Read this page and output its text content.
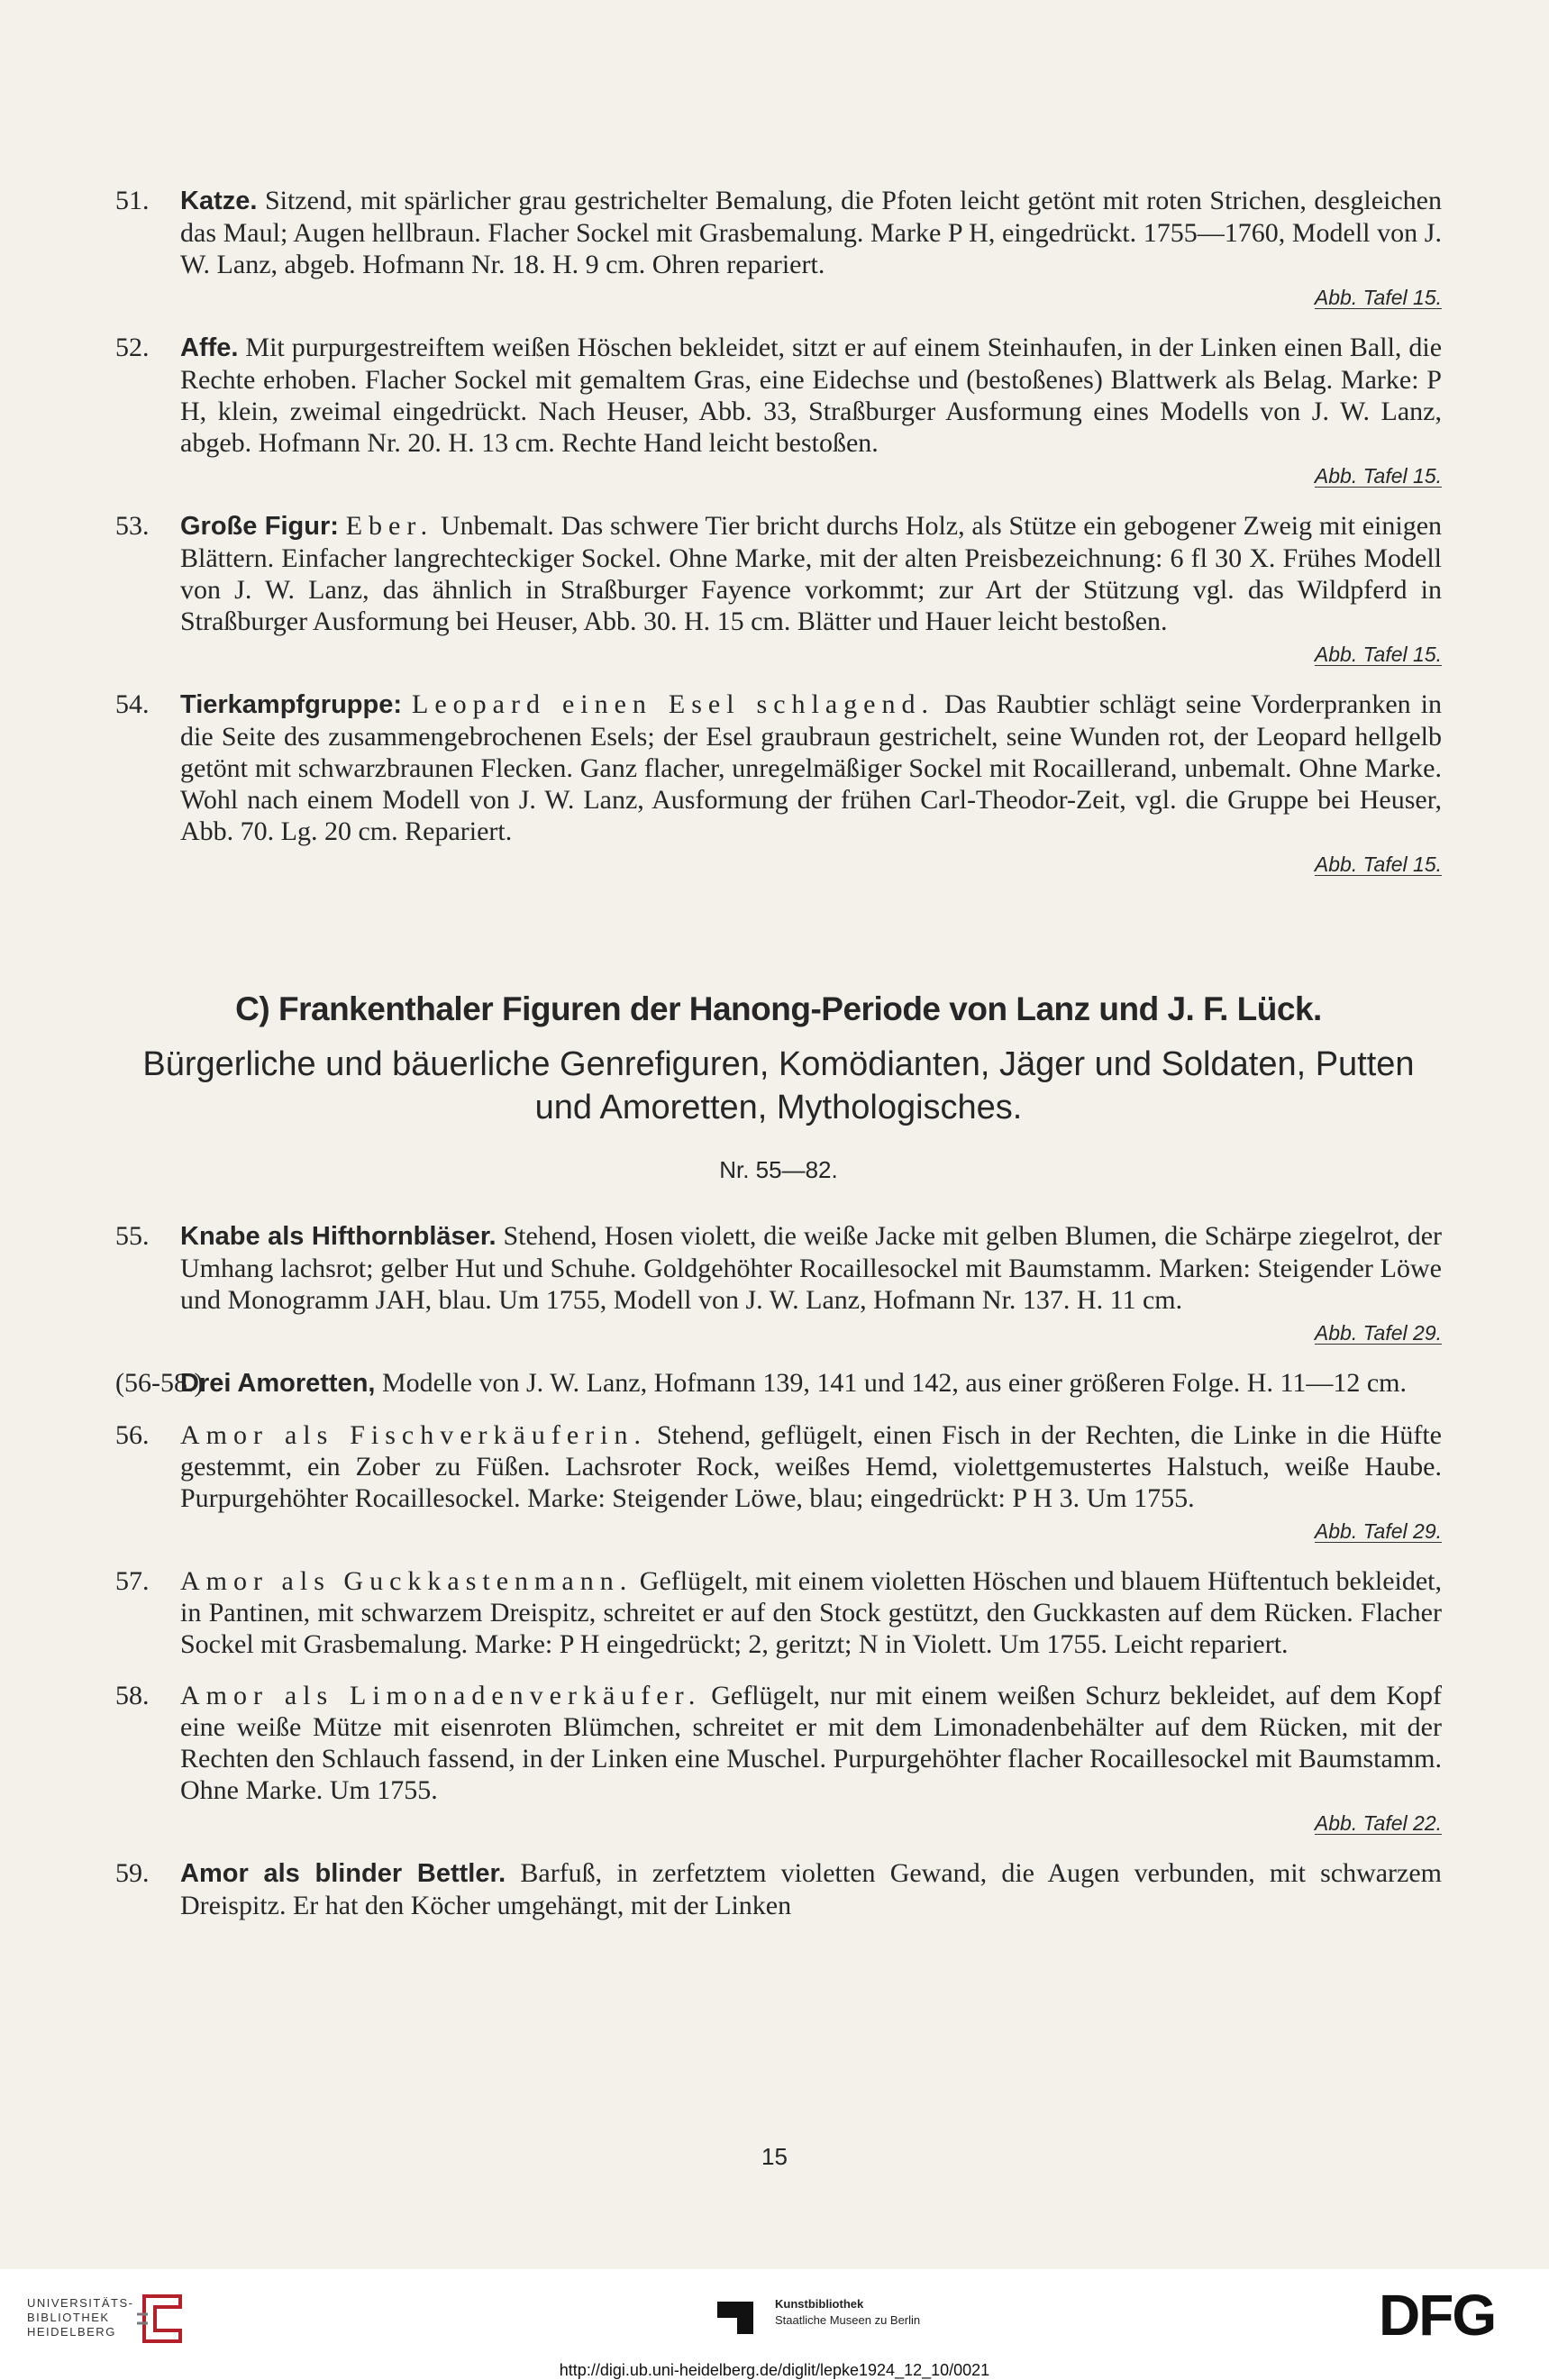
51. Katze. Sitzend, mit spärlicher grau gestrichelter Bemalung, die Pfoten leicht getönt mit roten Strichen, desgleichen das Maul; Augen hellbraun. Flacher Sockel mit Grasbemalung. Marke P H, eingedrückt. 1755—1760, Modell von J. W. Lanz, abgeb. Hofmann Nr. 18. H. 9 cm. Ohren repariert.
Abb. Tafel 15.
52. Affe. Mit purpurgestreiftem weißen Höschen bekleidet, sitzt er auf einem Steinhaufen, in der Linken einen Ball, die Rechte erhoben. Flacher Sockel mit gemaltem Gras, eine Eidechse und (bestoßenes) Blattwerk als Belag. Marke: P H, klein, zweimal eingedrückt. Nach Heuser, Abb. 33, Straßburger Ausformung eines Modells von J. W. Lanz, abgeb. Hofmann Nr. 20. H. 13 cm. Rechte Hand leicht bestoßen.
Abb. Tafel 15.
53. Große Figur: Eber. Unbemalt. Das schwere Tier bricht durchs Holz, als Stütze ein gebogener Zweig mit einigen Blättern. Einfacher langrechteckiger Sockel. Ohne Marke, mit der alten Preisbezeichnung: 6 fl 30 X. Frühes Modell von J. W. Lanz, das ähnlich in Straßburger Fayence vorkommt; zur Art der Stützung vgl. das Wildpferd in Straßburger Ausformung bei Heuser, Abb. 30. H. 15 cm. Blätter und Hauer leicht bestoßen.
Abb. Tafel 15.
54. Tierkampfgruppe: Leopard einen Esel schlagend. Das Raubtier schlägt seine Vorderpranken in die Seite des zusammengebrochenen Esels; der Esel graubraun gestrichelt, seine Wunden rot, der Leopard hellgelb getönt mit schwarzbraunen Flecken. Ganz flacher, unregelmäßiger Sockel mit Rocaillerand, unbemalt. Ohne Marke. Wohl nach einem Modell von J. W. Lanz, Ausformung der frühen Carl-Theodor-Zeit, vgl. die Gruppe bei Heuser, Abb. 70. Lg. 20 cm. Repariert.
Abb. Tafel 15.
C) Frankenthaler Figuren der Hanong-Periode von Lanz und J. F. Lück.
Bürgerliche und bäuerliche Genrefiguren, Komödianten, Jäger und Soldaten, Putten und Amoretten, Mythologisches.
Nr. 55—82.
55. Knabe als Hifthornbläser. Stehend, Hosen violett, die weiße Jacke mit gelben Blumen, die Schärpe ziegelrot, der Umhang lachsrot; gelber Hut und Schuhe. Goldgehöhter Rocaillesockel mit Baumstamm. Marken: Steigender Löwe und Monogramm JAH, blau. Um 1755, Modell von J. W. Lanz, Hofmann Nr. 137. H. 11 cm.
Abb. Tafel 29.
(56-58.)
Drei Amoretten, Modelle von J. W. Lanz, Hofmann 139, 141 und 142, aus einer größeren Folge. H. 11—12 cm.
56. Amor als Fischverkäuferin. Stehend, geflügelt, einen Fisch in der Rechten, die Linke in die Hüfte gestemmt, ein Zober zu Füßen. Lachsroter Rock, weißes Hemd, violettgemustertes Halstuch, weiße Haube. Purpurgehöhter Rocaillesockel. Marke: Steigender Löwe, blau; eingedrückt: P H 3. Um 1755.
Abb. Tafel 29.
57. Amor als Guckkastenmann. Geflügelt, mit einem violetten Höschen und blauem Hüftentuch bekleidet, in Pantinen, mit schwarzem Dreispitz, schreitet er auf den Stock gestützt, den Guckkasten auf dem Rücken. Flacher Sockel mit Grasbemalung. Marke: P H eingedrückt; 2, geritzt; N in Violett. Um 1755. Leicht repariert.
58. Amor als Limonadenverkäufer. Geflügelt, nur mit einem weißen Schurz bekleidet, auf dem Kopf eine weiße Mütze mit eisenroten Blümchen, schreitet er mit dem Limonadenbehälter auf dem Rücken, mit der Rechten den Schlauch fassend, in der Linken eine Muschel. Purpurgehöhter flacher Rocaillesockel mit Baumstamm. Ohne Marke. Um 1755.
Abb. Tafel 22.
59. Amor als blinder Bettler. Barfuß, in zerfetztem violetten Gewand, die Augen verbunden, mit schwarzem Dreispitz. Er hat den Köcher umgehängt, mit der Linken
15
UNIVERSITÄTS-
BIBLIOTHEK
HEIDELBERG
Kunstbibliothek
Staatliche Museen zu Berlin	DFG
http://digi.ub.uni-heidelberg.de/diglit/lepke1924_12_10/0021
